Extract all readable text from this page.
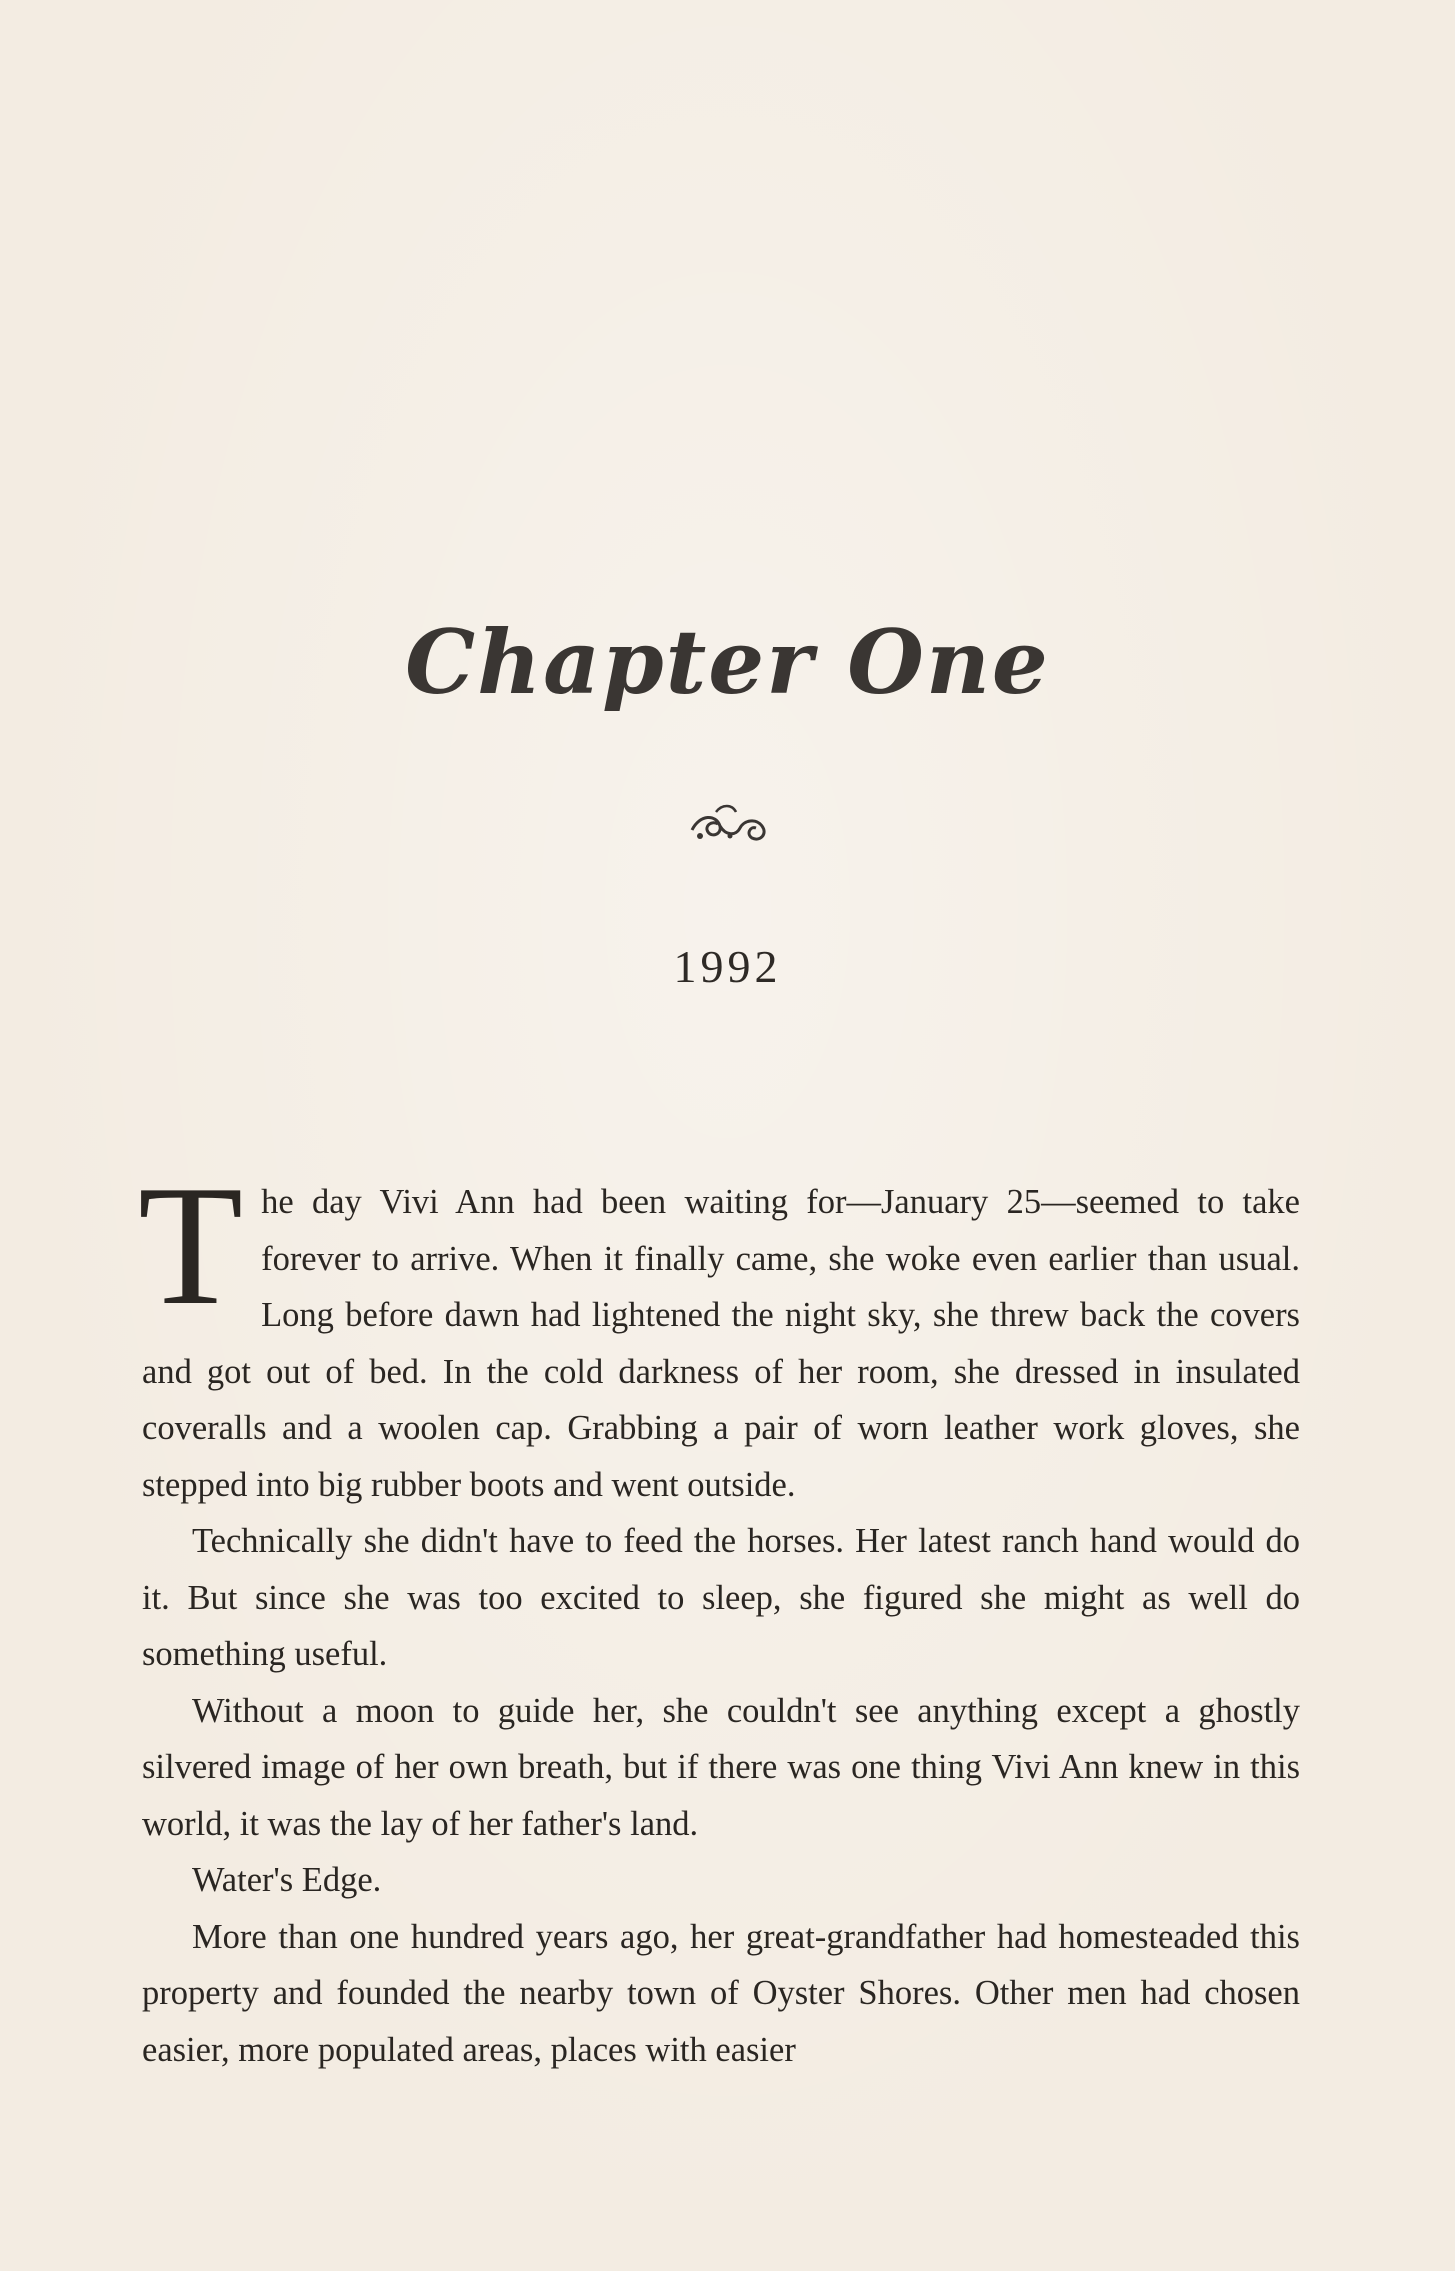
Chapter One
1992

The day Vivi Ann had been waiting for—January 25—seemed to take forever to arrive. When it finally came, she woke even earlier than usual. Long before dawn had lightened the night sky, she threw back the covers and got out of bed. In the cold darkness of her room, she dressed in insulated coveralls and a woolen cap. Grabbing a pair of worn leather work gloves, she stepped into big rubber boots and went outside.

Technically she didn't have to feed the horses. Her latest ranch hand would do it. But since she was too excited to sleep, she figured she might as well do something useful.

Without a moon to guide her, she couldn't see anything except a ghostly silvered image of her own breath, but if there was one thing Vivi Ann knew in this world, it was the lay of her father's land.

Water's Edge.

More than one hundred years ago, her great-grandfather had homesteaded this property and founded the nearby town of Oyster Shores. Other men had chosen easier, more populated areas, places with easier
